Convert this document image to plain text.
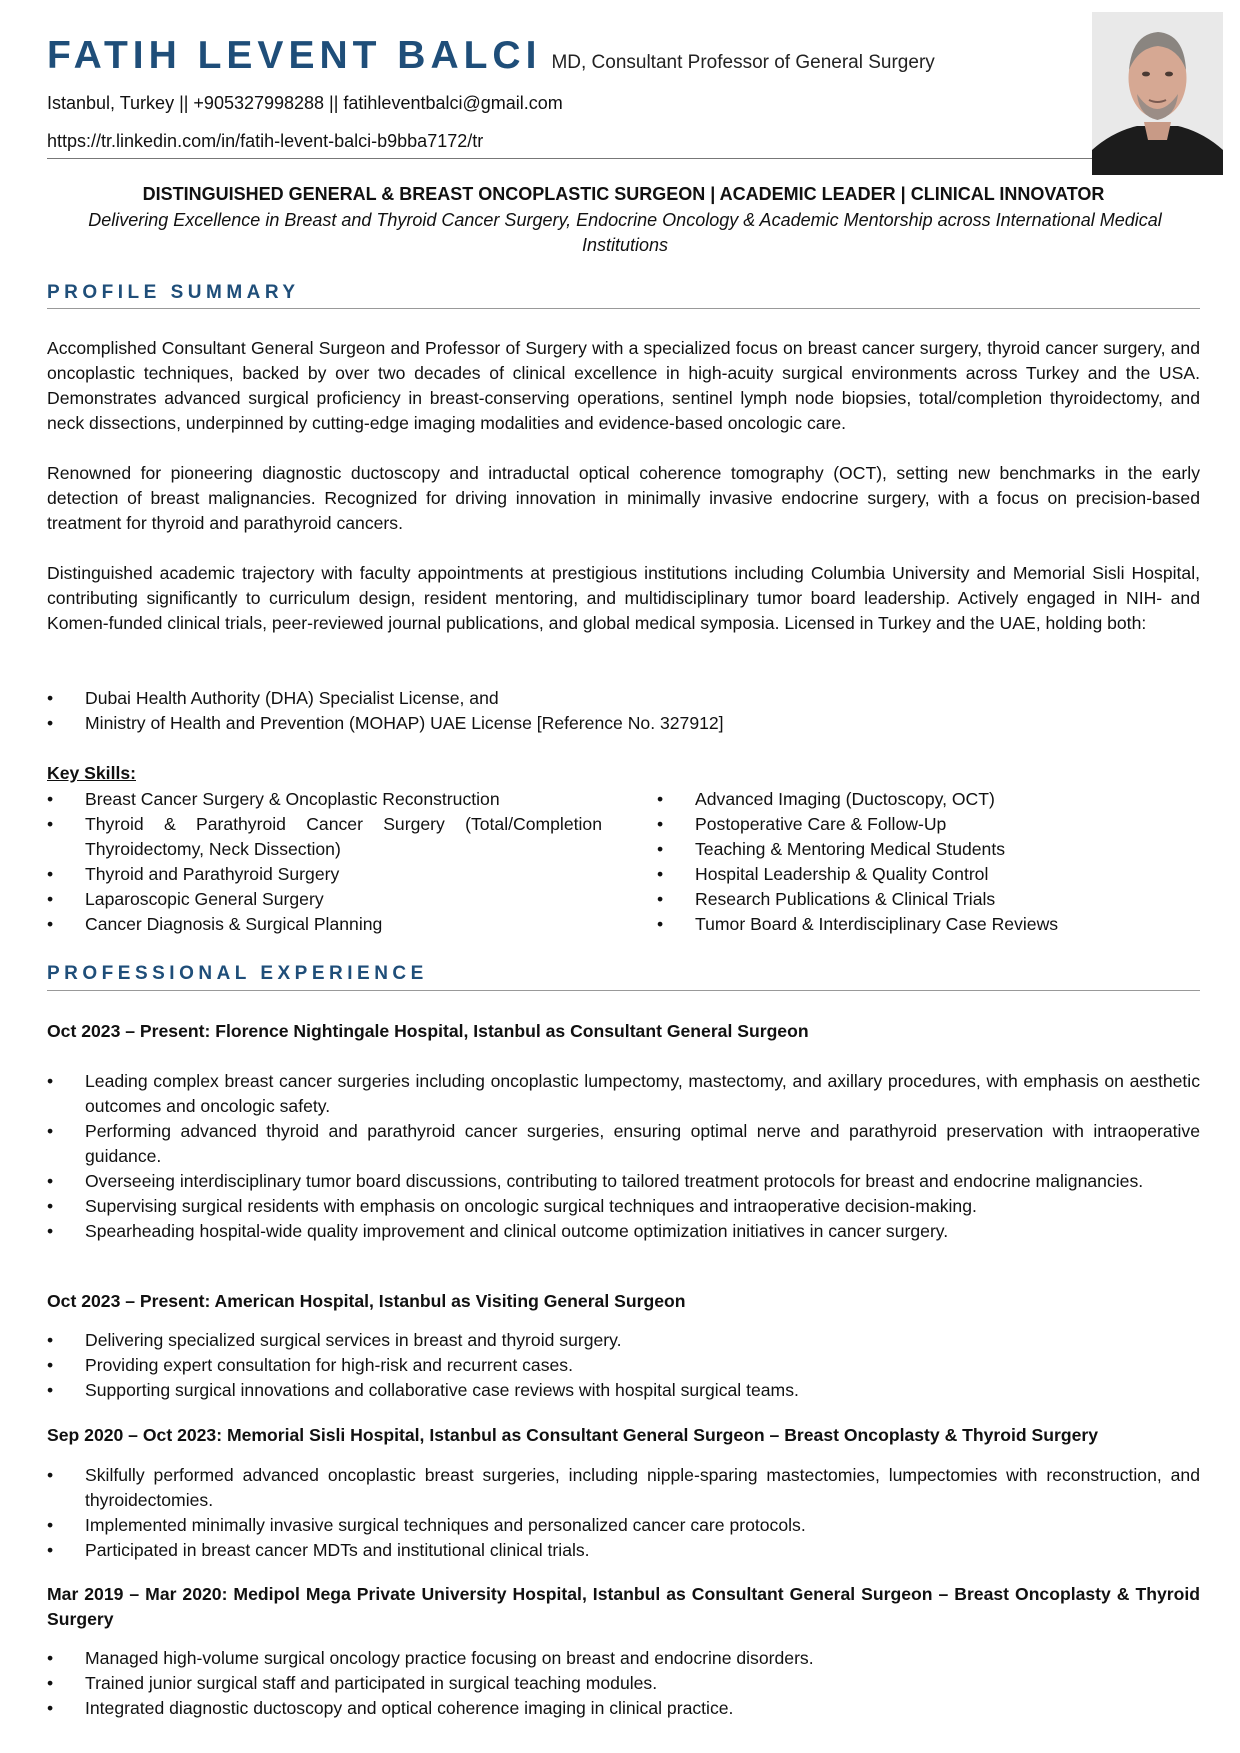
FATIH LEVENT BALCI MD, Consultant Professor of General Surgery
Istanbul, Turkey || +905327998288 || fatihleventbalci@gmail.com
https://tr.linkedin.com/in/fatih-levent-balci-b9bba7172/tr
DISTINGUISHED GENERAL & BREAST ONCOPLASTIC SURGEON | ACADEMIC LEADER | CLINICAL INNOVATOR
Delivering Excellence in Breast and Thyroid Cancer Surgery, Endocrine Oncology & Academic Mentorship across International Medical Institutions
PROFILE SUMMARY
Accomplished Consultant General Surgeon and Professor of Surgery with a specialized focus on breast cancer surgery, thyroid cancer surgery, and oncoplastic techniques, backed by over two decades of clinical excellence in high-acuity surgical environments across Turkey and the USA. Demonstrates advanced surgical proficiency in breast-conserving operations, sentinel lymph node biopsies, total/completion thyroidectomy, and neck dissections, underpinned by cutting-edge imaging modalities and evidence-based oncologic care.
Renowned for pioneering diagnostic ductoscopy and intraductal optical coherence tomography (OCT), setting new benchmarks in the early detection of breast malignancies. Recognized for driving innovation in minimally invasive endocrine surgery, with a focus on precision-based treatment for thyroid and parathyroid cancers.
Distinguished academic trajectory with faculty appointments at prestigious institutions including Columbia University and Memorial Sisli Hospital, contributing significantly to curriculum design, resident mentoring, and multidisciplinary tumor board leadership. Actively engaged in NIH- and Komen-funded clinical trials, peer-reviewed journal publications, and global medical symposia. Licensed in Turkey and the UAE, holding both:
•	Dubai Health Authority (DHA) Specialist License, and
•	Ministry of Health and Prevention (MOHAP) UAE License [Reference No. 327912]
Key Skills:
•	Breast Cancer Surgery & Oncoplastic Reconstruction
•	Thyroid & Parathyroid Cancer Surgery (Total/Completion Thyroidectomy, Neck Dissection)
•	Thyroid and Parathyroid Surgery
•	Laparoscopic General Surgery
•	Cancer Diagnosis & Surgical Planning
•	Advanced Imaging (Ductoscopy, OCT)
•	Postoperative Care & Follow-Up
•	Teaching & Mentoring Medical Students
•	Hospital Leadership & Quality Control
•	Research Publications & Clinical Trials
•	Tumor Board & Interdisciplinary Case Reviews
PROFESSIONAL EXPERIENCE
Oct 2023 – Present: Florence Nightingale Hospital, Istanbul as Consultant General Surgeon
•	Leading complex breast cancer surgeries including oncoplastic lumpectomy, mastectomy, and axillary procedures, with emphasis on aesthetic outcomes and oncologic safety.
•	Performing advanced thyroid and parathyroid cancer surgeries, ensuring optimal nerve and parathyroid preservation with intraoperative guidance.
•	Overseeing interdisciplinary tumor board discussions, contributing to tailored treatment protocols for breast and endocrine malignancies.
•	Supervising surgical residents with emphasis on oncologic surgical techniques and intraoperative decision-making.
•	Spearheading hospital-wide quality improvement and clinical outcome optimization initiatives in cancer surgery.
Oct 2023 – Present: American Hospital, Istanbul as Visiting General Surgeon
•	Delivering specialized surgical services in breast and thyroid surgery.
•	Providing expert consultation for high-risk and recurrent cases.
•	Supporting surgical innovations and collaborative case reviews with hospital surgical teams.
Sep 2020 – Oct 2023: Memorial Sisli Hospital, Istanbul as Consultant General Surgeon – Breast Oncoplasty & Thyroid Surgery
•	Skilfully performed advanced oncoplastic breast surgeries, including nipple-sparing mastectomies, lumpectomies with reconstruction, and thyroidectomies.
•	Implemented minimally invasive surgical techniques and personalized cancer care protocols.
•	Participated in breast cancer MDTs and institutional clinical trials.
Mar 2019 – Mar 2020: Medipol Mega Private University Hospital, Istanbul as Consultant General Surgeon – Breast Oncoplasty & Thyroid Surgery
•	Managed high-volume surgical oncology practice focusing on breast and endocrine disorders.
•	Trained junior surgical staff and participated in surgical teaching modules.
•	Integrated diagnostic ductoscopy and optical coherence imaging in clinical practice.
